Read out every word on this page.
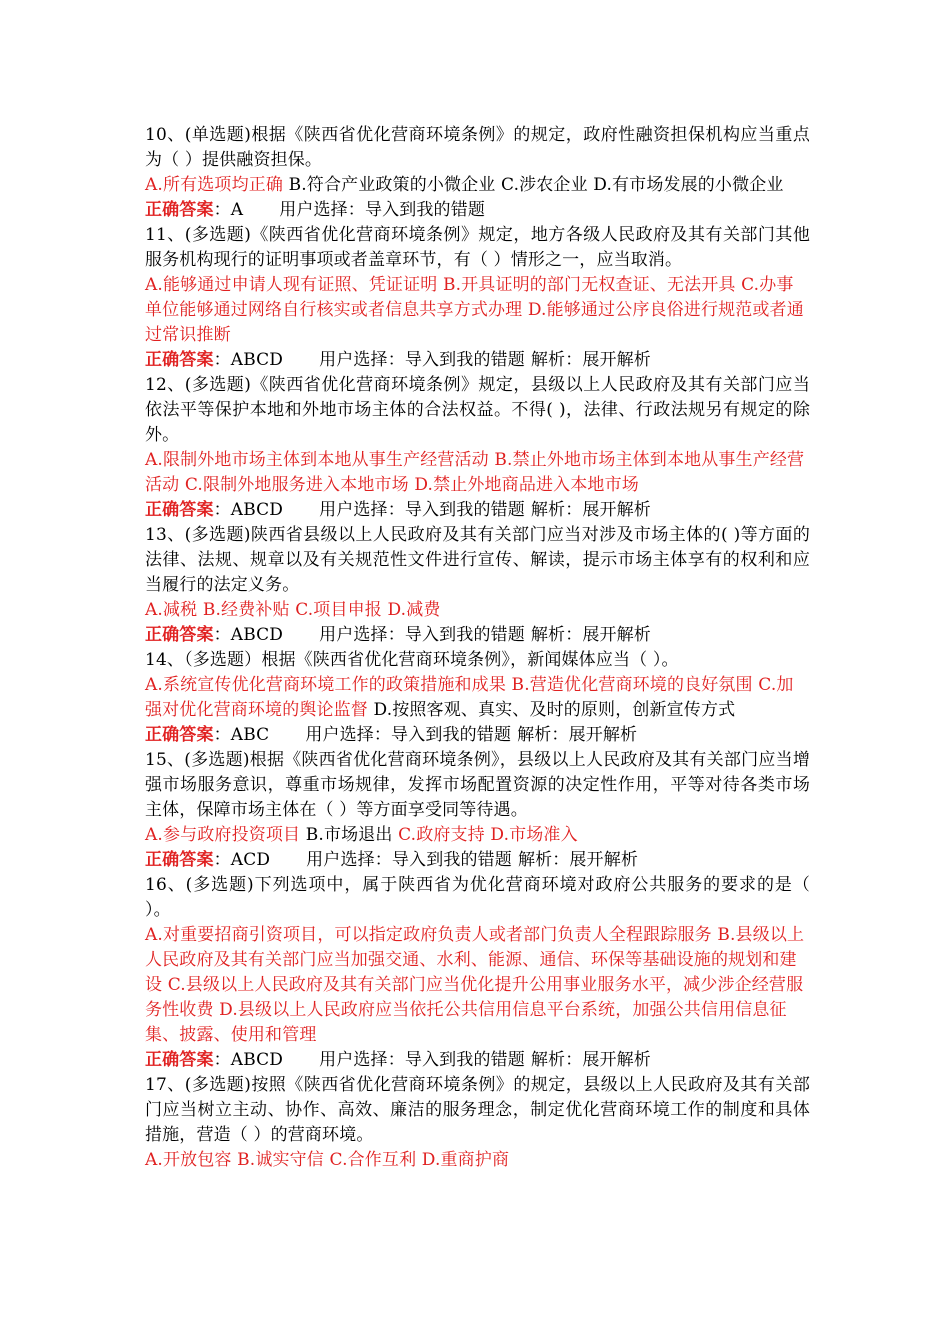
10、(单选题)根据《陕西省优化营商环境条例》的规定，政府性融资担保机构应当重点为（ ）提供融资担保。

A.所有选项均正确 B.符合产业政策的小微企业 C.涉农企业 D.有市场发展的小微企业

正确答案：A 用户选择：导入到我的错题

11、(多选题)《陕西省优化营商环境条例》规定，地方各级人民政府及其有关部门其他服务机构现行的证明事项或者盖章环节，有（ ）情形之一，应当取消。

A.能够通过申请人现有证照、凭证证明 B.开具证明的部门无权查证、无法开具 C.办事单位能够通过网络自行核实或者信息共享方式办理 D.能够通过公序良俗进行规范或者通过常识推断

正确答案：ABCD 用户选择：导入到我的错题 解析：展开解析

12、(多选题)《陕西省优化营商环境条例》规定，县级以上人民政府及其有关部门应当依法平等保护本地和外地市场主体的合法权益。不得( )，法律、行政法规另有规定的除外。

A.限制外地市场主体到本地从事生产经营活动 B.禁止外地市场主体到本地从事生产经营活动 C.限制外地服务进入本地市场 D.禁止外地商品进入本地市场

正确答案：ABCD 用户选择：导入到我的错题 解析：展开解析

13、(多选题)陕西省县级以上人民政府及其有关部门应当对涉及市场主体的( )等方面的法律、法规、规章以及有关规范性文件进行宣传、解读，提示市场主体享有的权利和应当履行的法定义务。

A.减税 B.经费补贴 C.项目申报 D.减费

正确答案：ABCD 用户选择：导入到我的错题 解析：展开解析

14、（多选题）根据《陕西省优化营商环境条例》，新闻媒体应当（ ）。

A.系统宣传优化营商环境工作的政策措施和成果 B.营造优化营商环境的良好氛围 C.加强对优化营商环境的舆论监督 D.按照客观、真实、及时的原则，创新宣传方式

正确答案：ABC 用户选择：导入到我的错题 解析：展开解析

15、(多选题)根据《陕西省优化营商环境条例》，县级以上人民政府及其有关部门应当增强市场服务意识，尊重市场规律，发挥市场配置资源的决定性作用，平等对待各类市场主体，保障市场主体在（ ）等方面享受同等待遇。

A.参与政府投资项目 B.市场退出 C.政府支持 D.市场准入

正确答案：ACD 用户选择：导入到我的错题 解析：展开解析

16、(多选题)下列选项中，属于陕西省为优化营商环境对政府公共服务的要求的是（ ）。

A.对重要招商引资项目，可以指定政府负责人或者部门负责人全程跟踪服务 B.县级以上人民政府及其有关部门应当加强交通、水利、能源、通信、环保等基础设施的规划和建设 C.县级以上人民政府及其有关部门应当优化提升公用事业服务水平，减少涉企经营服务性收费 D.县级以上人民政府应当依托公共信用信息平台系统，加强公共信用信息征集、披露、使用和管理

正确答案：ABCD 用户选择：导入到我的错题 解析：展开解析

17、(多选题)按照《陕西省优化营商环境条例》的规定，县级以上人民政府及其有关部门应当树立主动、协作、高效、廉洁的服务理念，制定优化营商环境工作的制度和具体措施，营造（ ）的营商环境。

A.开放包容 B.诚实守信 C.合作互利 D.重商护商
